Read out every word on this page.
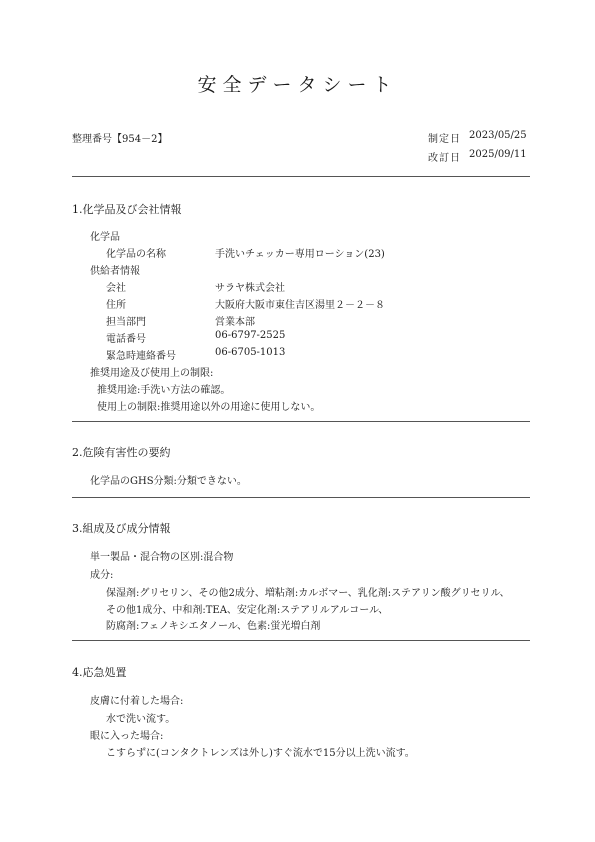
安全データシート
整理番号【954－2】	制定日 2023/05/25
改訂日 2025/09/11
1.化学品及び会社情報
化学品
化学品の名称	手洗いチェッカー専用ローション(23)
供給者情報
会社	サラヤ株式会社
住所	大阪府大阪市東住吉区湯里２－２－８
担当部門	営業本部
電話番号	06-6797-2525
緊急時連絡番号	06-6705-1013
推奨用途及び使用上の制限:
推奨用途:手洗い方法の確認。
使用上の制限:推奨用途以外の用途に使用しない。
2.危険有害性の要約
化学品のGHS分類:分類できない。
3.組成及び成分情報
単一製品・混合物の区別:混合物
成分:
保湿剤:グリセリン、その他2成分、増粘剤:カルボマー、乳化剤:ステアリン酸グリセリル、
その他1成分、中和剤:TEA、安定化剤:ステアリルアルコール、
防腐剤:フェノキシエタノール、色素:蛍光増白剤
4.応急処置
皮膚に付着した場合:
水で洗い流す。
眼に入った場合:
こすらずに(コンタクトレンズは外し)すぐ流水で15分以上洗い流す。
